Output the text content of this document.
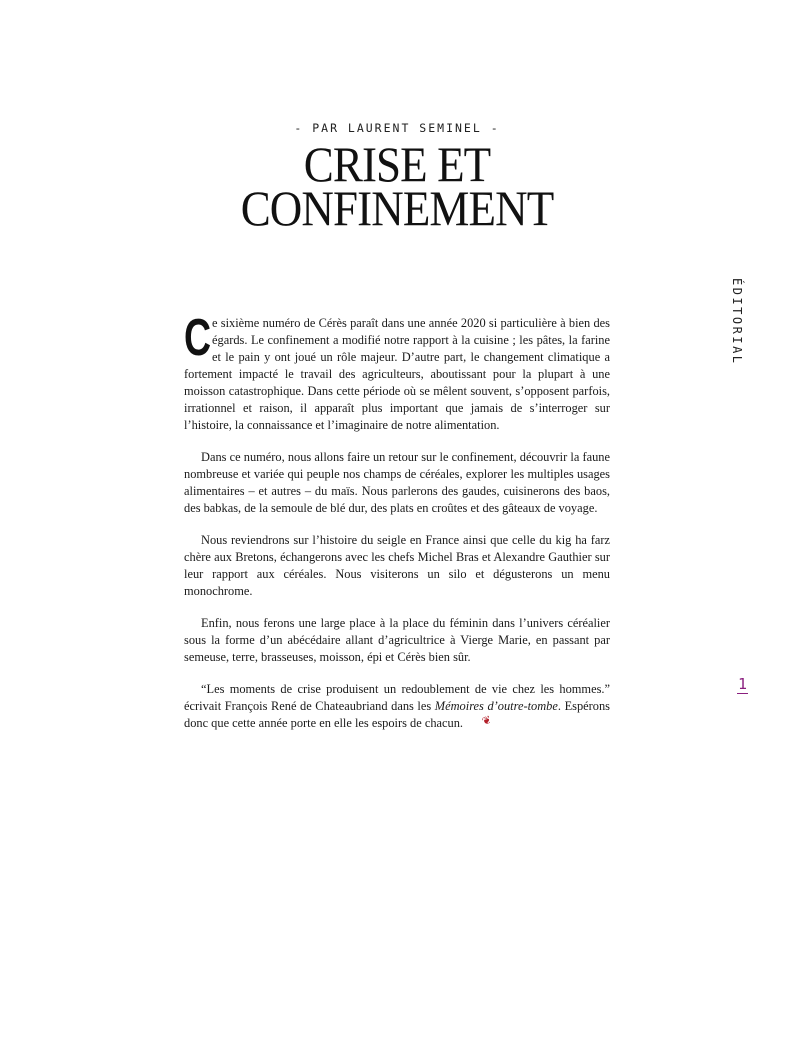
- PAR LAURENT SEMINEL -
CRISE ET
CONFINEMENT
ÉDITORIAL
1

Ce sixième numéro de Cérès paraît dans une année 2020 si particulière à bien des égards. Le confinement a modifié notre rapport à la cuisine ; les pâtes, la farine et le pain y ont joué un rôle majeur. D’autre part, le changement climatique a fortement impacté le travail des agriculteurs, aboutissant pour la plupart à une moisson catastrophique. Dans cette période où se mêlent souvent, s’opposent parfois, irrationnel et raison, il apparaît plus important que jamais de s’interroger sur l’histoire, la connaissance et l’imaginaire de notre alimentation.

Dans ce numéro, nous allons faire un retour sur le confinement, découvrir la faune nombreuse et variée qui peuple nos champs de céréales, explorer les multiples usages alimentaires – et autres – du maïs. Nous parlerons des gaudes, cuisinerons des baos, des babkas, de la semoule de blé dur, des plats en croûtes et des gâteaux de voyage.

Nous reviendrons sur l’histoire du seigle en France ainsi que celle du kig ha farz chère aux Bretons, échangerons avec les chefs Michel Bras et Alexandre Gauthier sur leur rapport aux céréales. Nous visiterons un silo et dégusterons un menu monochrome.

Enfin, nous ferons une large place à la place du féminin dans l’univers céréalier sous la forme d’un abécédaire allant d’agricultrice à Vierge Marie, en passant par semeuse, terre, brasseuses, moisson, épi et Cérès bien sûr.

“Les moments de crise produisent un redoublement de vie chez les hommes.” écrivait François René de Chateaubriand dans les Mémoires d’outre-tombe. Espérons donc que cette année porte en elle les espoirs de chacun. ❦
